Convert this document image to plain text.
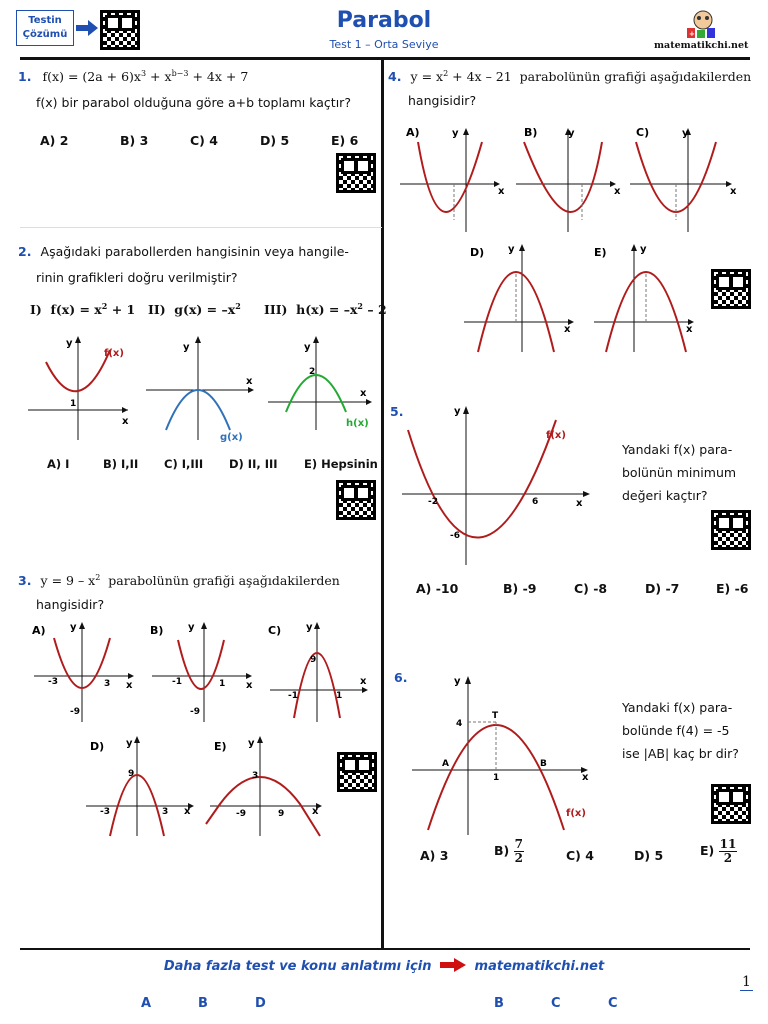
Testin
Çözümü
Parabol
Test 1 – Orta Seviye
+
matematikchi.net
1. $f(x) = (2a + 6)x^3 + x^{b-3} + 4x + 7$
f(x) bir parabol olduğuna göre a+b toplamı kaçtır?
A) 2	B) 3	C) 4	D) 5	E) 6
2. Aşağıdaki parabollerden hangisinin veya hangile-
rinin grafikleri doğru verilmiştir?
I)  $f(x) = x^2 + 1$ II)  $g(x) = -x^2$ III)  $h(x) = -x^2 - 2$
y
x
f(x)
1
y
x
g(x)
y
x
2
h(x)
A) I	B) I,II C) I,III D) II, III E) Hepsinin
3. $y = 9 - x^2$  parabolünün grafiği aşağıdakilerden
hangisidir?
A) y
x
-3	3
-9
B) y
x
-1	1
-9
C) y
x
-1	1
9
D) y
x
-3	3
9
E) y
x
-9	9
3
4. $y = x^2 + 4x - 21$  parabolünün grafiği aşağıdakilerden
hangisidir?
A)	y
x
B)	y
x
C)	y
x
D) y
x
E)	y
x
5.	y
x
f(x)
-2	6
-6
Yandaki f(x) para-
bolünün minimum
değeri kaçtır?
A) -10	B) -9	C) -8	D) -7	E) -6
6.	y
x
T
4
1
A	B
f(x)
Yandaki f(x) para-
bolünde f(4) = -5
ise |AB| kaç br dir?
A) 3	$B) \frac{7}{2}$	C) 4	D) 5	$E) \frac{11}{2}$
Daha fazla test ve konu anlatımı için	matematikchi.net
1
A	B	D	B	C	C
